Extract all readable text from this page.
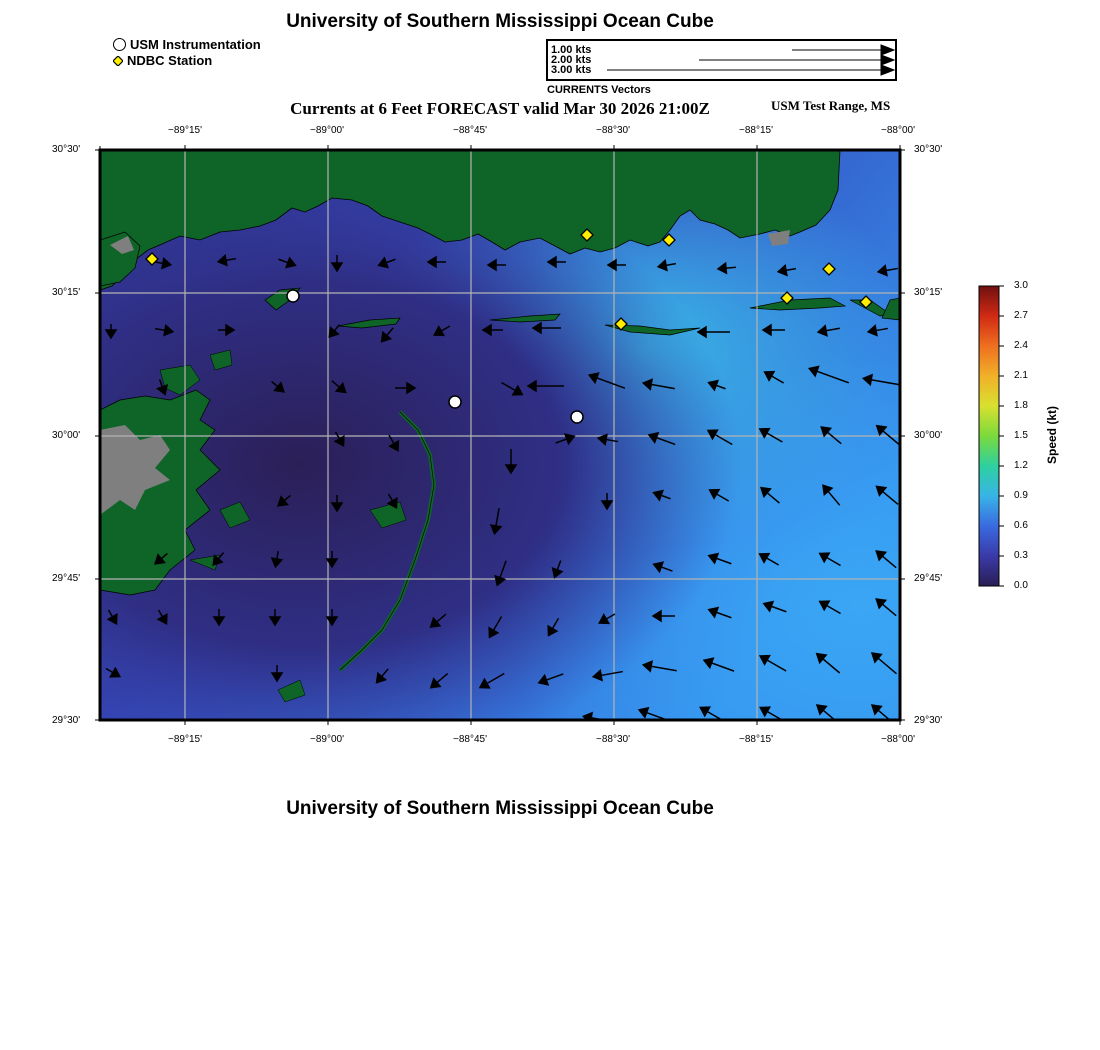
University of Southern Mississippi Ocean Cube
USM Instrumentation
NDBC Station
1.00 kts
2.00 kts
3.00 kts
CURRENTS Vectors
Currents at 6 Feet FORECAST valid Mar 30 2026 21:00Z	USM Test Range, MS
−89°15'	−89°00'	−88°45'	−88°30'	−88°15'	−88°00'
−89°15'	−89°00'	−88°45'	−88°30'	−88°15'	−88°00'
30°30'
30°15'
30°00'
29°45'
29°30'
30°30'
30°15'
30°00'
29°45'
29°30'
3.0
2.7
2.4
2.1
1.8
1.5
1.2
0.9
0.6
0.3
0.0
Speed (kt)
University of Southern Mississippi Ocean Cube
